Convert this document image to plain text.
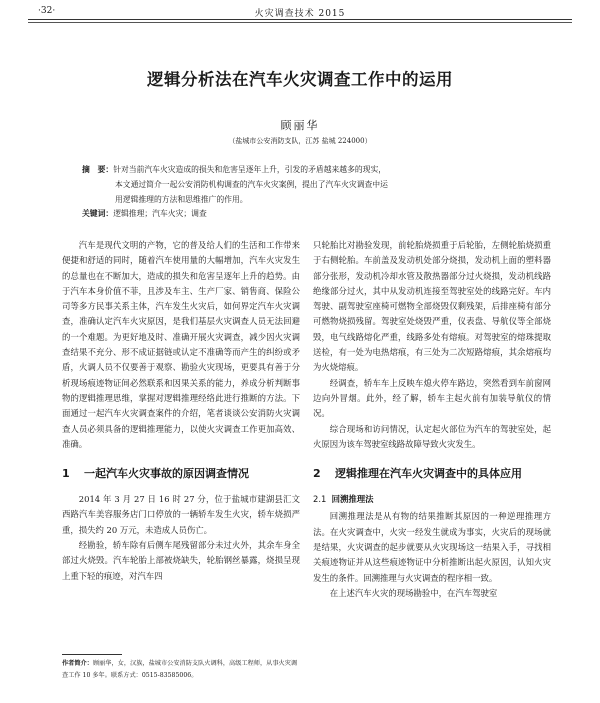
·32·	火灾调查技术 2015
逻辑分析法在汽车火灾调查工作中的运用
顾丽华
（盐城市公安消防支队，江苏 盐城 224000）
摘　要：针对当前汽车火灾造成的损失和危害呈逐年上升，引发的矛盾越来越多的现实，
本文通过简介一起公安消防机构调查的汽车火灾案例，提出了汽车火灾调查中运
用逻辑推理的方法和思维推广的作用。
关键词：逻辑推理；汽车火灾；调查

汽车是现代文明的产物，它的普及给人们的生活和工作带来便捷和舒适的同时，随着汽车使用量的大幅增加，汽车火灾发生的总量也在不断加大，造成的损失和危害呈逐年上升的趋势。由于汽车本身价值不菲，且涉及车主、生产厂家、销售商、保险公司等多方民事关系主体，汽车发生火灾后，如何界定汽车火灾调查，准确认定汽车火灾原因，是我们基层火灾调查人员无法回避的一个难题。为更好地及时、准确开展火灾调查，减少因火灾调查结果不充分、形不成证据链或认定不准确等而产生的纠纷或矛盾，火调人员不仅要善于观察、勘验火灾现场，更要具有善于分析现场痕迹物证间必然联系和因果关系的能力，养成分析判断事物的逻辑推理思维，掌握对逻辑推理经络此进行推断的方法。下面通过一起汽车火灾调查案件的介绍，笔者谈谈公安消防火灾调查人员必须具备的逻辑推理能力，以使火灾调查工作更加高效、准确。

1 一起汽车火灾事故的原因调查情况

2014 年 3 月 27 日 16 时 27 分，位于盐城市建湖县汇文西路汽车美容服务店门口停放的一辆轿车发生火灾，轿车烧损严重，损失约 20 万元，未造成人员伤亡。

经勘验，轿车除有后侧车尾残留部分未过火外，其余车身全部过火烧毁。汽车轮胎上部被烧缺失，轮胎钢丝暴露，烧损呈现上重下轻的痕迹，对汽车四

只轮胎比对勘验发现，前轮胎烧损重于后轮胎，左侧轮胎烧损重于右侧轮胎。车前盖及发动机处部分烧损，发动机上面的塑料器部分张形，发动机冷却水管及散热器部分过火烧损，发动机线路绝缘部分过火，其中从发动机连接至驾驶室处的线路完好。车内驾驶、副驾驶室座椅可燃物全部烧毁仅剩残架，后排座椅有部分可燃物烧损残留。驾驶室处烧毁严重，仪表盘、导航仪等全部烧毁，电气线路熔化严重，线路多处有熔痕。对驾驶室的熔珠提取送检，有一处为电热熔痕，有三处为二次短路熔痕，其余熔痕均为火烧熔痕。

经调查，轿车车上反映车熄火停车路边，突然看到车前窗网边向外冒烟。此外，经了解，轿车主起火前有加装导航仪的情况。

综合现场和访问情况，认定起火部位为汽车的驾驶室处，起火原因为该车驾驶室线路故障导致火灾发生。

2 逻辑推理在汽车火灾调查中的具体应用
2.1 回溯推理法

回溯推理法是从有物的结果推断其原因的一种逆理推理方法。在火灾调查中，火灾一经发生就成为事实，火灾后的现场就是结果，火灾调查的起步就要从火灾现场这一结果入手，寻找相关痕迹物证并从这些痕迹物证中分析推断出起火原因，认知火灾发生的条件。回溯推理与火灾调查的程序相一致。

在上述汽车火灾的现场勘验中，在汽车驾驶室

作者简介：顾丽华，女，汉族，盐城市公安消防支队火调科，高级工程师，从事火灾调查工作 10 多年。联系方式：0515-83585006。
